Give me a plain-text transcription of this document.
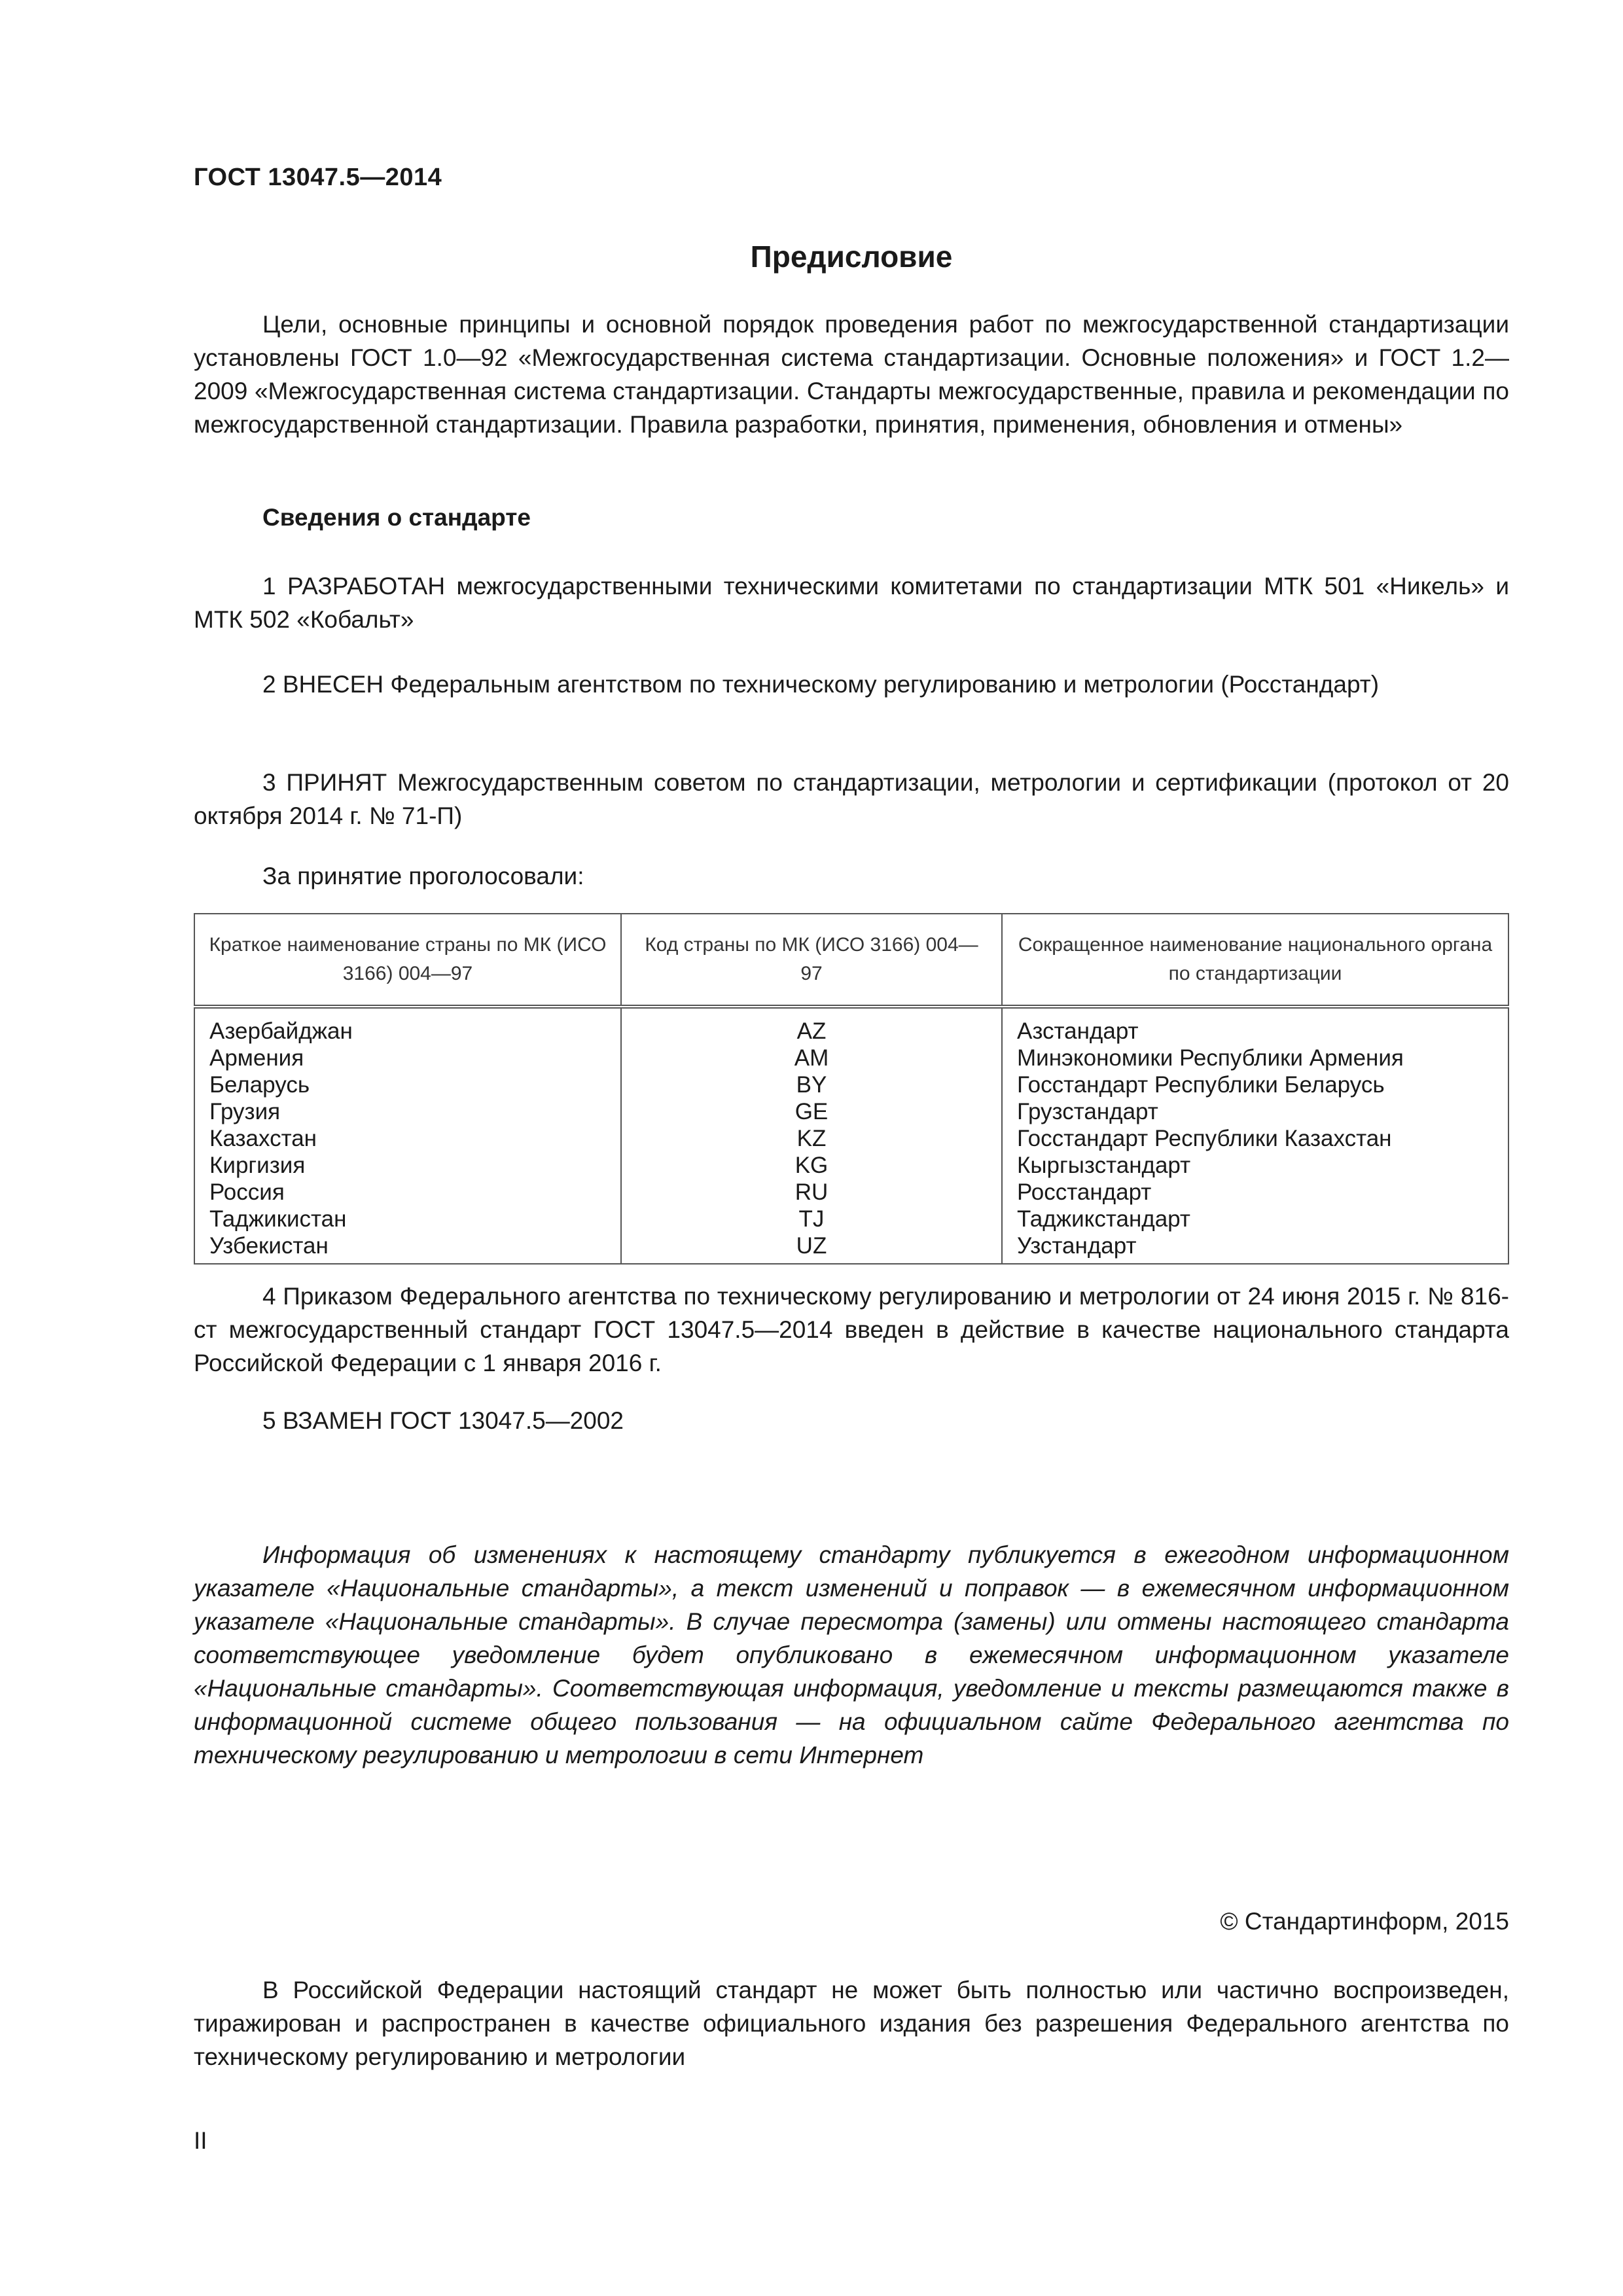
ГОСТ 13047.5—2014
Предисловие
Цели, основные принципы и основной порядок проведения работ по межгосударственной стандартизации установлены ГОСТ 1.0—92 «Межгосударственная система стандартизации. Основные положения» и ГОСТ 1.2—2009 «Межгосударственная система стандартизации. Стандарты межгосударственные, правила и рекомендации по межгосударственной стандартизации. Правила разработки, принятия, применения, обновления и отмены»
Сведения о стандарте
1 РАЗРАБОТАН межгосударственными техническими комитетами по стандартизации МТК 501 «Никель» и МТК 502 «Кобальт»
2 ВНЕСЕН Федеральным агентством по техническому регулированию и метрологии (Росстандарт)
3 ПРИНЯТ Межгосударственным советом по стандартизации, метрологии и сертификации (протокол от 20 октября 2014 г. № 71-П)
За принятие проголосовали:
Краткое наименование страны по МК (ИСО 3166) 004—97	Код страны по МК (ИСО 3166) 004—97	Сокращенное наименование национального органа по стандартизации
Азербайджан	AZ	Азстандарт
Армения	AM	Минэкономики Республики Армения
Беларусь	BY	Госстандарт Республики Беларусь
Грузия	GE	Грузстандарт
Казахстан	KZ	Госстандарт Республики Казахстан
Киргизия	KG	Кыргызстандарт
Россия	RU	Росстандарт
Таджикистан	TJ	Таджикстандарт
Узбекистан	UZ	Узстандарт
4 Приказом Федерального агентства по техническому регулированию и метрологии от 24 июня 2015 г. № 816-ст межгосударственный стандарт ГОСТ 13047.5—2014 введен в действие в качестве национального стандарта Российской Федерации с 1 января 2016 г.
5 ВЗАМЕН ГОСТ 13047.5—2002
Информация об изменениях к настоящему стандарту публикуется в ежегодном информационном указателе «Национальные стандарты», а текст изменений и поправок — в ежемесячном информационном указателе «Национальные стандарты». В случае пересмотра (замены) или отмены настоящего стандарта соответствующее уведомление будет опубликовано в ежемесячном информационном указателе «Национальные стандарты». Соответствующая информация, уведомление и тексты размещаются также в информационной системе общего пользования — на официальном сайте Федерального агентства по техническому регулированию и метрологии в сети Интернет
© Стандартинформ, 2015
В Российской Федерации настоящий стандарт не может быть полностью или частично воспроизведен, тиражирован и распространен в качестве официального издания без разрешения Федерального агентства по техническому регулированию и метрологии
II
